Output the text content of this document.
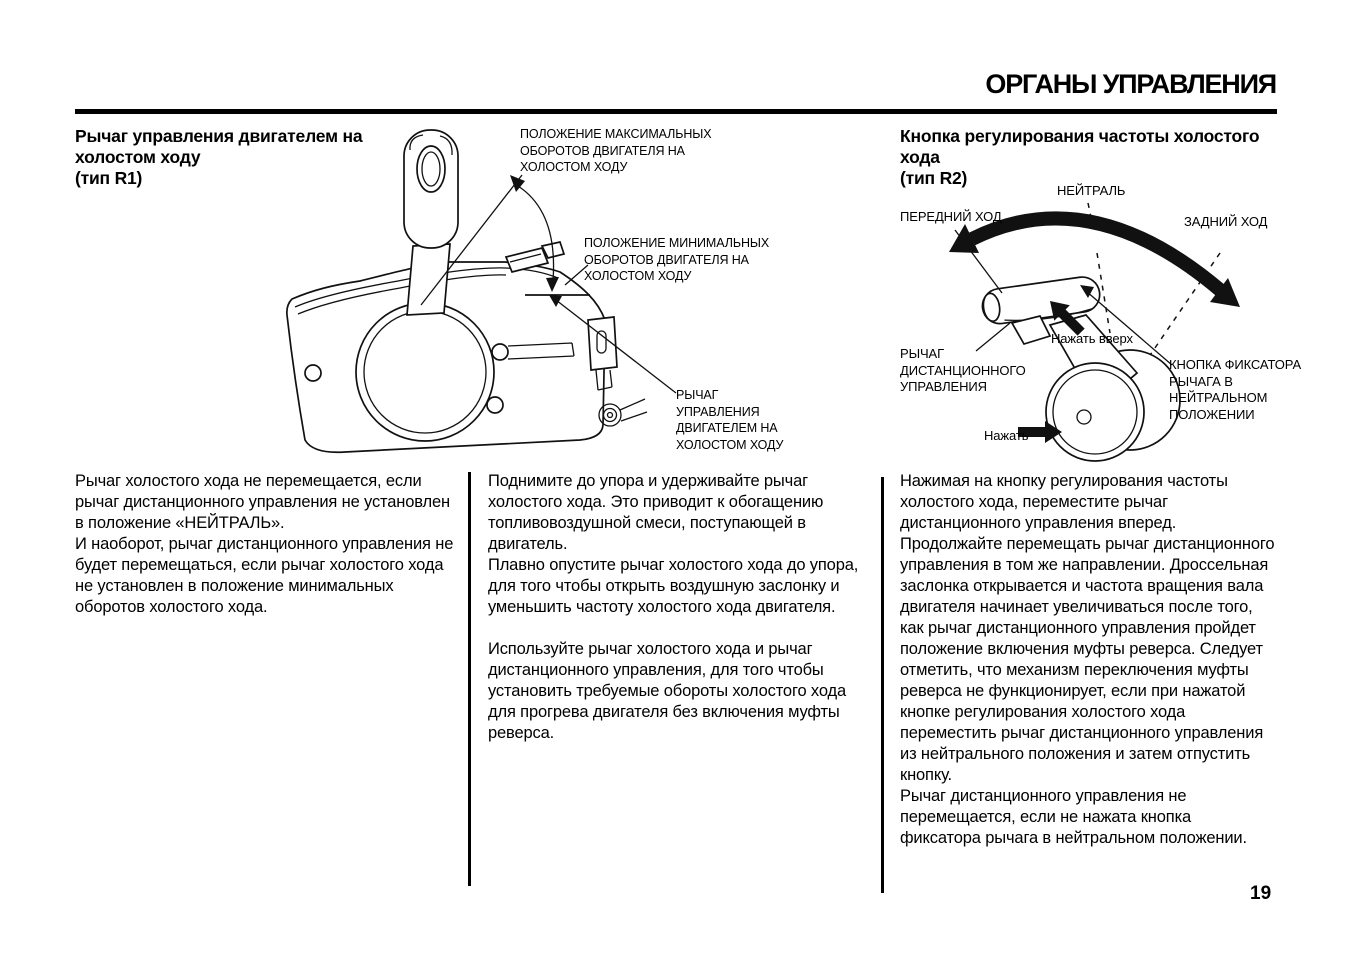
ОРГАНЫ УПРАВЛЕНИЯ
Рычаг управления двигателем на холостом ходу
(тип R1)
Кнопка регулирования частоты холостого хода
(тип R2)
ПОЛОЖЕНИЕ МАКСИМАЛЬНЫХ ОБОРОТОВ ДВИГАТЕЛЯ НА ХОЛОСТОМ ХОДУ
ПОЛОЖЕНИЕ МИНИМАЛЬНЫХ ОБОРОТОВ ДВИГАТЕЛЯ НА ХОЛОСТОМ ХОДУ
РЫЧАГ УПРАВЛЕНИЯ ДВИГАТЕЛЕМ НА ХОЛОСТОМ ХОДУ
НЕЙТРАЛЬ
ПЕРЕДНИЙ ХОД	ЗАДНИЙ ХОД
Нажать вверх
РЫЧАГ ДИСТАНЦИОННОГО УПРАВЛЕНИЯ
КНОПКА ФИКСАТОРА РЫЧАГА В НЕЙТРАЛЬНОМ ПОЛОЖЕНИИ
Нажать

Рычаг холостого хода не перемещается, если рычаг дистанционного управления не установлен в положение «НЕЙТРАЛЬ».

И наоборот, рычаг дистанционного управления не будет перемещаться, если рычаг холостого хода не установлен в положение минимальных оборотов холостого хода.

Поднимите до упора и удерживайте рычаг холостого хода. Это приводит к обогащению топливовоздушной смеси, поступающей в двигатель.

Плавно опустите рычаг холостого хода до упора, для того чтобы открыть воздушную заслонку и уменьшить частоту холостого хода двигателя.

Используйте рычаг холостого хода и рычаг дистанционного управления, для того чтобы установить требуемые обороты холостого хода для прогрева двигателя без включения муфты реверса.

Нажимая на кнопку регулирования частоты холостого хода, переместите рычаг дистанционного управления вперед. Продолжайте перемещать рычаг дистанционного управления в том же направлении. Дроссельная заслонка открывается и частота вращения вала двигателя начинает увеличиваться после того, как рычаг дистанционного управления пройдет положение включения муфты реверса. Следует отметить, что механизм переключения муфты реверса не функционирует, если при нажатой кнопке регулирования холостого хода переместить рычаг дистанционного управления из нейтрального положения и затем отпустить кнопку.

Рычаг дистанционного управления не перемещается, если не нажата кнопка фиксатора рычага в нейтральном положении.

19
